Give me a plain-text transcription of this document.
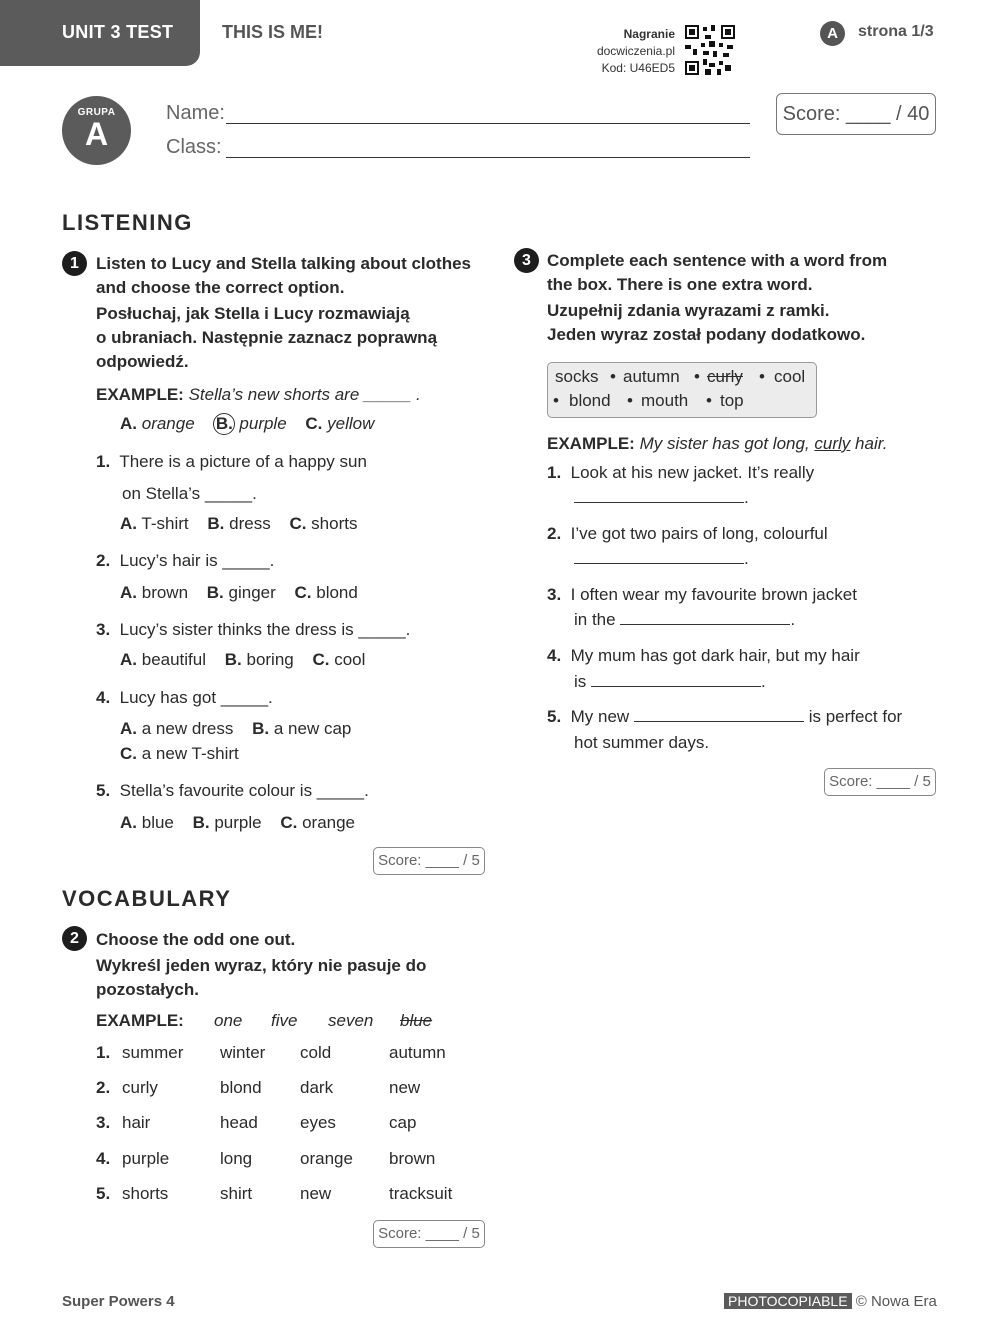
UNIT 3 TEST	THIS IS ME!	Nagranie
docwiczenia.pl
Kod: U46ED5
A	strona 1/3
GRUPA
A
Name:
Class:
Score: ____ / 40
LISTENING
1	Listen to Lucy and Stella talking about clothes
and choose the correct option.
Posłuchaj, jak Stella i Lucy rozmawiają
o ubraniach. Następnie zaznacz poprawną
odpowiedź.
EXAMPLE: Stella’s new shorts are _____ .
A. orange B. purple C. yellow
1. There is a picture of a happy sun
on Stella’s _____.
A. T-shirt B. dress C. shorts
2. Lucy’s hair is _____.
A. brown B. ginger C. blond
3. Lucy’s sister thinks the dress is _____.
A. beautiful B. boring C. cool
4. Lucy has got _____.
A. a new dress B. a new cap
C. a new T-shirt
5. Stella’s favourite colour is _____.
A. blue B. purple C. orange
Score: ____ / 5
VOCABULARY
2	Choose the odd one out.
Wykreśl jeden wyraz, który nie pasuje do
pozostałych.
EXAMPLE: one five seven blue
1. summer winter cold	autumn
2. curly	blond dark	new
3. hair	head eyes	cap
4. purple	long	orange brown
5. shorts	shirt	new	tracksuit
Score: ____ / 5
3 Complete each sentence with a word from
the box. There is one extra word.
Uzupełnij zdania wyrazami z ramki.
Jeden wyraz został podany dodatkowo.
socks • autumn • curly • cool
• blond • mouth • top
EXAMPLE: My sister has got long, curly hair.
1. Look at his new jacket. It’s really
.
2. I’ve got two pairs of long, colourful
.
3. I often wear my favourite brown jacket
in the	.
4. My mum has got dark hair, but my hair
is	.
5. My new	is perfect for
hot summer days.
Score: ____ / 5
Super Powers 4	PHOTOCOPIABLE © Nowa Era
